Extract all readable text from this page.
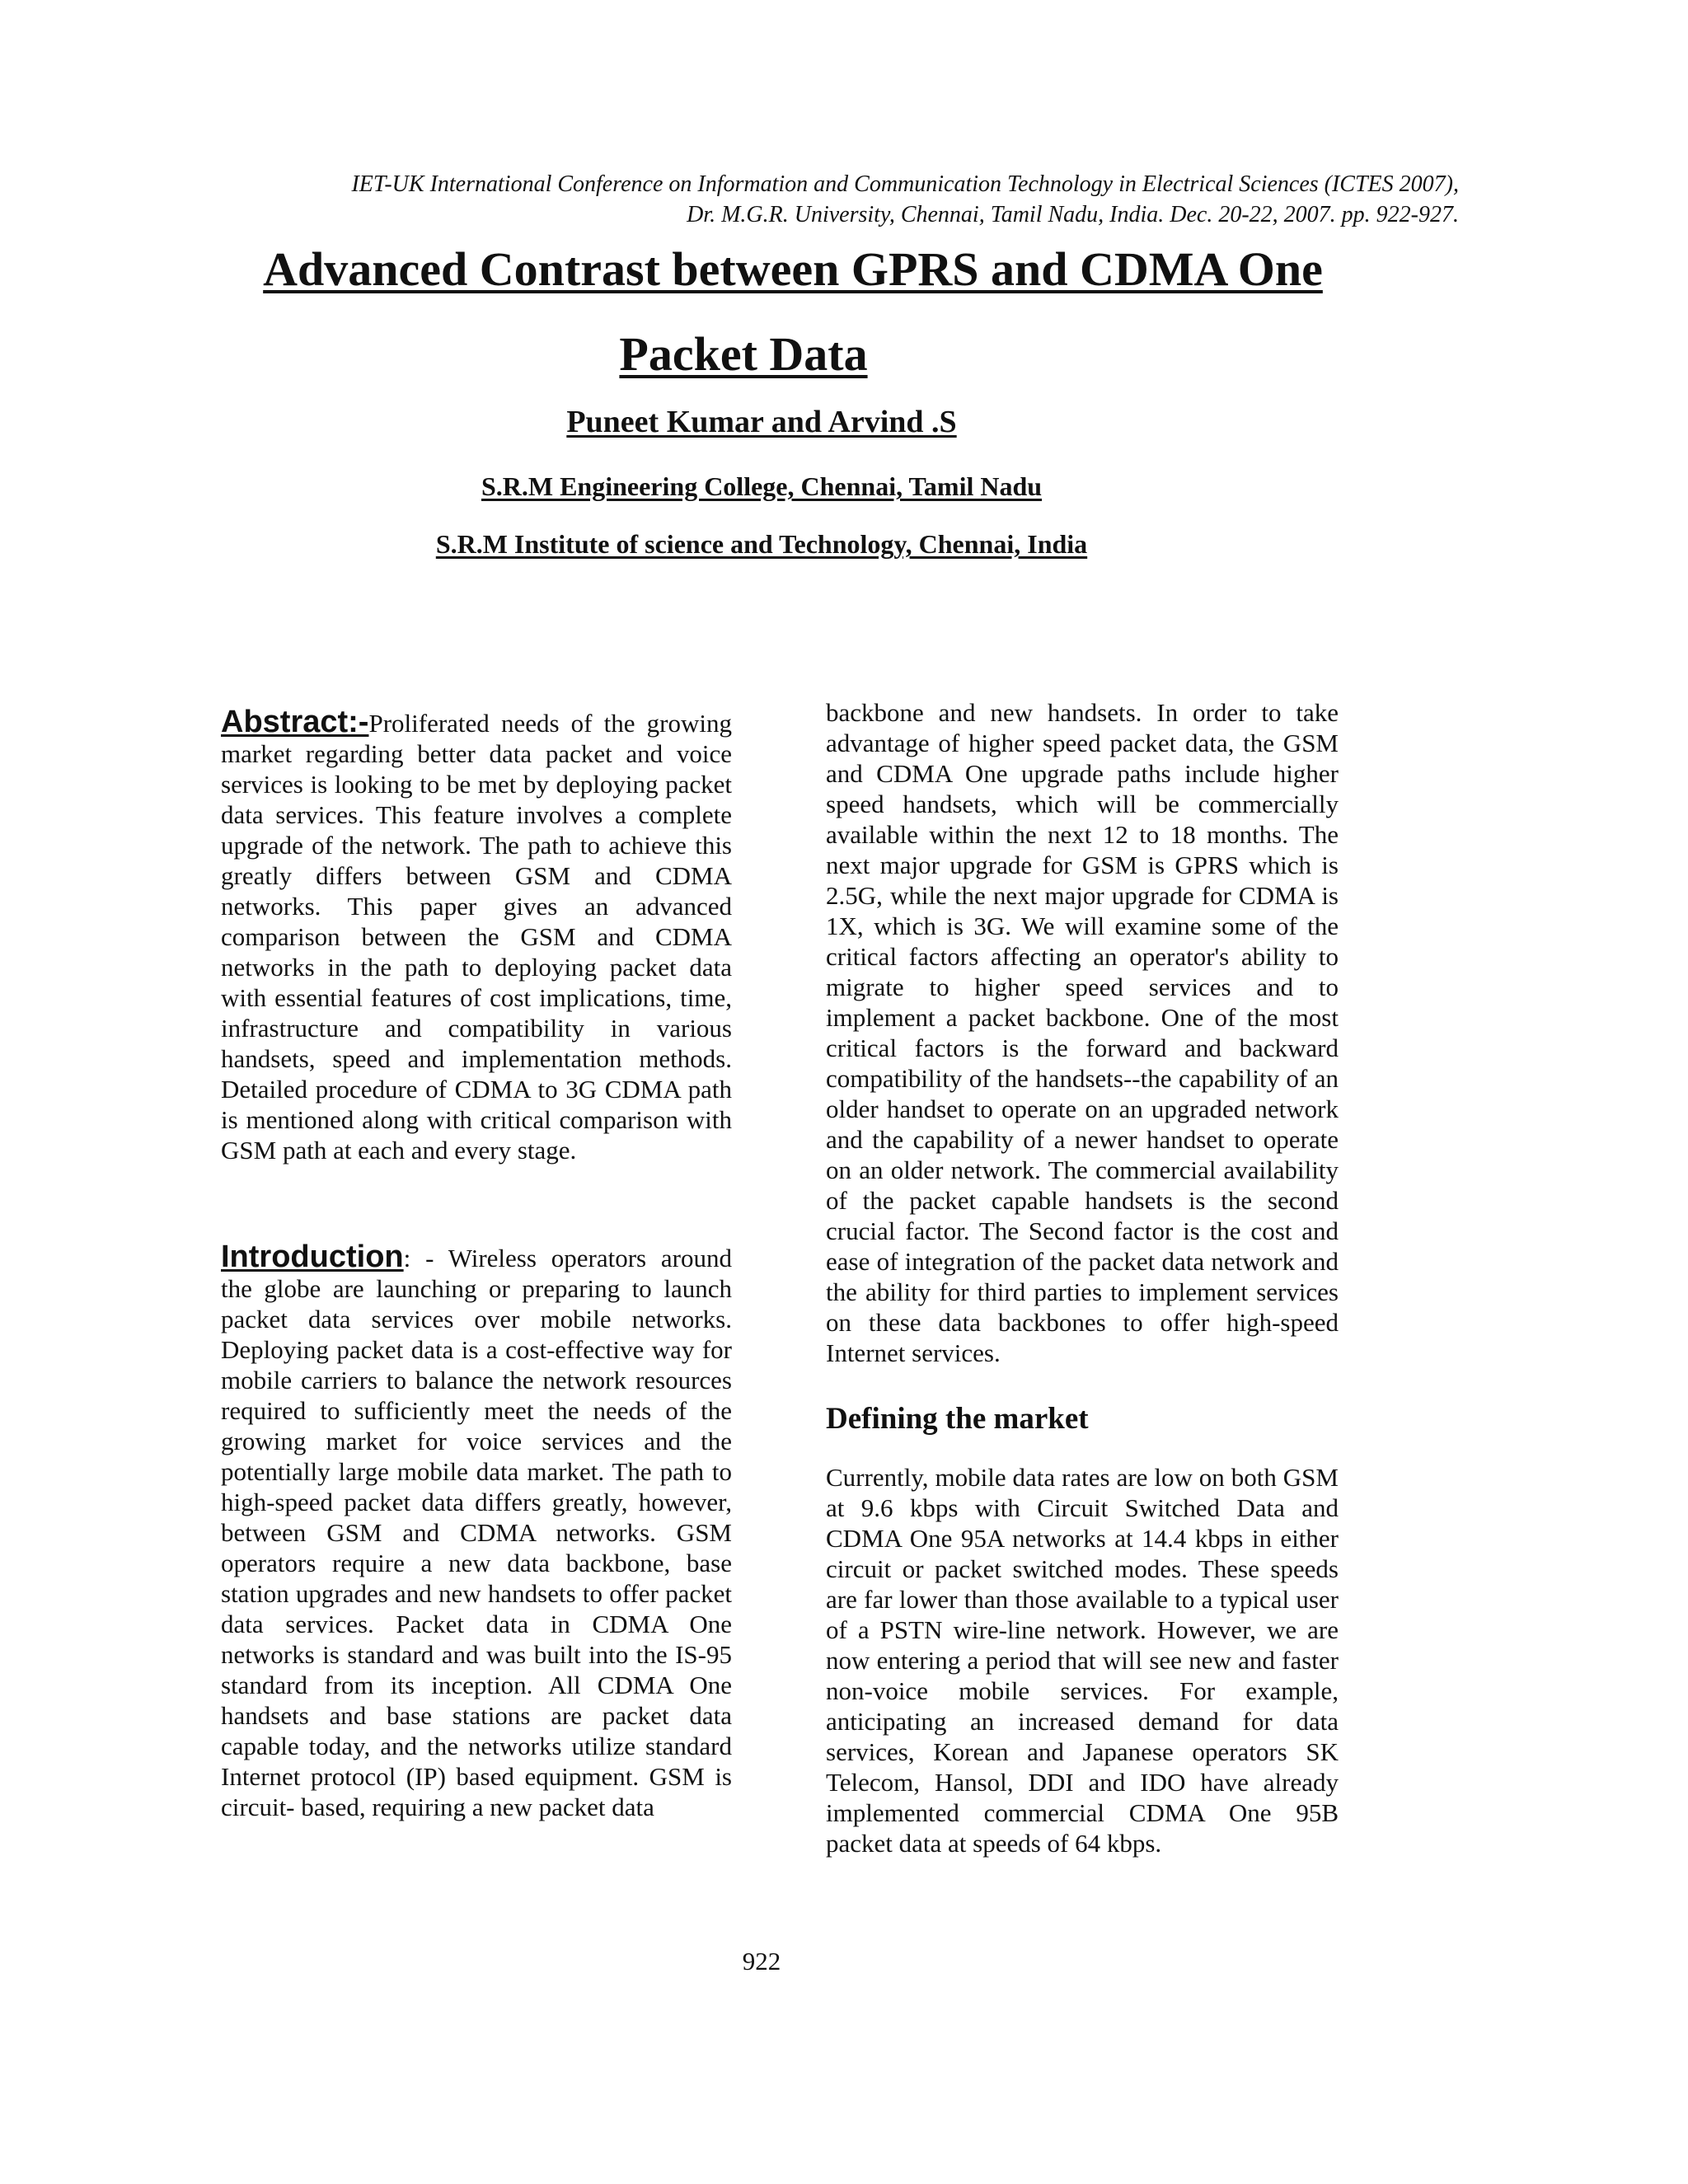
IET-UK International Conference on Information and Communication Technology in Electrical Sciences (ICTES 2007),
Dr. M.G.R. University, Chennai, Tamil Nadu, India. Dec. 20-22, 2007. pp. 922-927.
Advanced Contrast between GPRS and CDMA One
Packet Data
Puneet Kumar and Arvind .S
S.R.M Engineering College, Chennai, Tamil Nadu
S.R.M Institute of science and Technology, Chennai, India

Abstract:-Proliferated needs of the growing market regarding better data packet and voice services is looking to be met by deploying packet data services. This feature involves a complete upgrade of the network. The path to achieve this greatly differs between GSM and CDMA networks. This paper gives an advanced comparison between the GSM and CDMA networks in the path to deploying packet data with essential features of cost implications, time, infrastructure and compatibility in various handsets, speed and implementation methods. Detailed procedure of CDMA to 3G CDMA path is mentioned along with critical comparison with GSM path at each and every stage.

Introduction: - Wireless operators around the globe are launching or preparing to launch packet data services over mobile networks. Deploying packet data is a cost-effective way for mobile carriers to balance the network resources required to sufficiently meet the needs of the growing market for voice services and the potentially large mobile data market. The path to high-speed packet data differs greatly, however, between GSM and CDMA networks. GSM operators require a new data backbone, base station upgrades and new handsets to offer packet data services. Packet data in CDMA One networks is standard and was built into the IS-95 standard from its inception. All CDMA One handsets and base stations are packet data capable today, and the networks utilize standard Internet protocol (IP) based equipment. GSM is circuit- based, requiring a new packet data

backbone and new handsets. In order to take advantage of higher speed packet data, the GSM and CDMA One upgrade paths include higher speed handsets, which will be commercially available within the next 12 to 18 months. The next major upgrade for GSM is GPRS which is 2.5G, while the next major upgrade for CDMA is 1X, which is 3G. We will examine some of the critical factors affecting an operator's ability to migrate to higher speed services and to implement a packet backbone. One of the most critical factors is the forward and backward compatibility of the handsets--the capability of an older handset to operate on an upgraded network and the capability of a newer handset to operate on an older network. The commercial availability of the packet capable handsets is the second crucial factor. The Second factor is the cost and ease of integration of the packet data network and the ability for third parties to implement services on these data backbones to offer high-speed Internet services.

Defining the market

Currently, mobile data rates are low on both GSM at 9.6 kbps with Circuit Switched Data and CDMA One 95A networks at 14.4 kbps in either circuit or packet switched modes. These speeds are far lower than those available to a typical user of a PSTN wire-line network. However, we are now entering a period that will see new and faster non-voice mobile services. For example, anticipating an increased demand for data services, Korean and Japanese operators SK Telecom, Hansol, DDI and IDO have already implemented commercial CDMA One 95B packet data at speeds of 64 kbps.

922
